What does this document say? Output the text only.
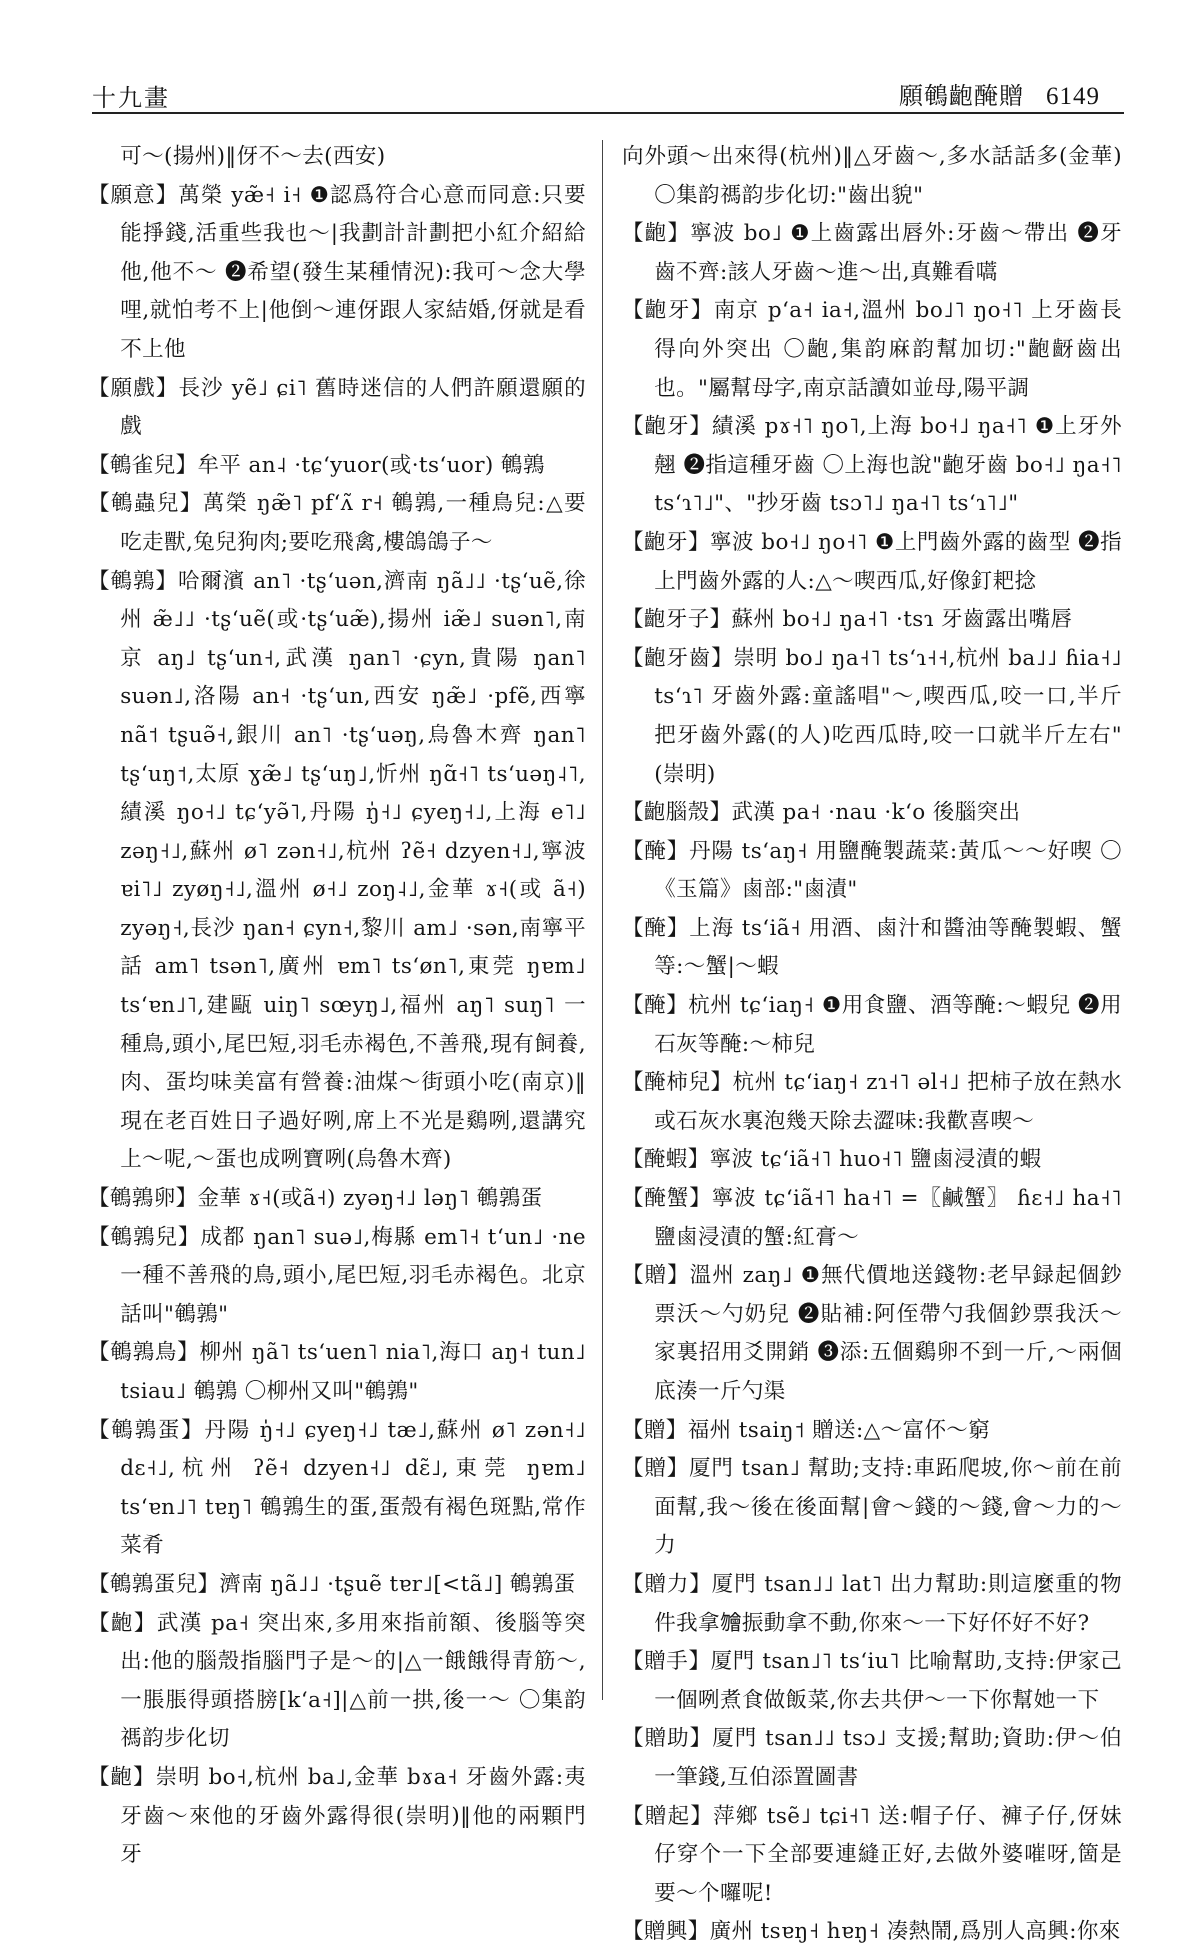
十九畫	願鵪齙醃贈 6149

可～(揚州)‖伢不～去(西安)

【願意】萬榮 yæ̃˧ i˧ ❶認爲符合心意而同意:只要能掙錢,活重些我也～|我劃計計劃把小紅介紹給他,他不～ ❷希望(發生某種情況):我可～念大學哩,就怕考不上|他倒～連伢跟人家結婚,伢就是看不上他

【願戲】長沙 yẽ˩ ɕi˥ 舊時迷信的人們許願還願的戲

【鵪雀兒】牟平 an˨ ·tɕʻyuor(或·tsʻuor) 鵪鶉

【鵪蟲兒】萬榮 ŋæ̃˥ pfʻʌ̃ r˧ 鵪鶉,一種鳥兒:△要吃走獸,兔兒狗肉;要吃飛禽,樓鴿鴿子～

【鵪鶉】哈爾濱 an˥ ·tʂʻuən,濟南 ŋã˩˩ ·tʂʻuẽ,徐州 æ̃˩˩ ·tʂʻuẽ(或·tʂʻuæ̃),揚州 iæ̃˩ suən˥,南京 aŋ˩ tʂʻun˧,武漢 ŋan˥ ·ɕyn,貴陽 ŋan˥ suən˩,洛陽 an˧ ·tʂʻun,西安 ŋæ̃˩ ·pfẽ,西寧 nã˦ tʂuə̃˧,銀川 an˥ ·tʂʻuəŋ,烏魯木齊 ŋan˥ tʂʻuŋ˦,太原 ɣæ̃˩ tʂʻuŋ˩,忻州 ŋɑ̃˧˥ tsʻuəŋ˨˥,績溪 ŋo˧˩ tɕʻyə̃˥,丹陽 ŋ̍˧˩ ɕyeŋ˧˩,上海 e˥˩ zəŋ˧˩,蘇州 ø˥ zən˧˩,杭州 ʔẽ˧ dzyen˧˩,寧波 ɐi˥˩ zyøŋ˧˩,溫州 ø˧˩ zoŋ˨˩,金華 ɤ˧(或 ã˧) zyəŋ˧,長沙 ŋan˧ ɕyn˧,黎川 am˩ ·sən,南寧平話 am˥ tsən˥,廣州 ɐm˥ tsʻøn˥,東莞 ŋɐm˩ tsʻɐn˩˥,建甌 uiŋ˥ sœyŋ˩,福州 aŋ˥ suŋ˥ 一種鳥,頭小,尾巴短,羽毛赤褐色,不善飛,現有飼養,肉、蛋均味美富有營養:油煤～街頭小吃(南京)‖現在老百姓日子過好咧,席上不光是鷄咧,還講究上～呢,～蛋也成咧寶咧(烏魯木齊)

【鵪鶉卵】金華 ɤ˧(或ã˧) zyəŋ˧˩ ləŋ˥ 鵪鶉蛋

【鵪鶉兒】成都 ŋan˥ suə˩,梅縣 em˥˧ tʻun˩ ·ne 一種不善飛的鳥,頭小,尾巴短,羽毛赤褐色。北京話叫"鵪鶉"

【鵪鶉鳥】柳州 ŋã˥ tsʻuen˥ nia˥,海口 aŋ˧ tun˩ tsiau˩ 鵪鶉 〇柳州又叫"鵪鶉"

【鵪鶉蛋】丹陽 ŋ̍˧˩ ɕyeŋ˧˩ tæ˩,蘇州 ø˥ zən˧˩ dɛ˧˩,杭州 ʔẽ˧ dzyen˧˩ dɛ̃˩,東莞 ŋɐm˩ tsʻɐn˩˥ tɐŋ˥ 鵪鶉生的蛋,蛋殼有褐色斑點,常作菜肴

【鵪鶉蛋兒】濟南 ŋã˩˩ ·tʂuẽ tɐr˩[<tã˩] 鵪鶉蛋

【齙】武漢 pa˧ 突出來,多用來指前額、後腦等突出:他的腦殼指腦門子是～的|△一餓餓得青筋～,一脹脹得頭搭膀[kʻa˧]|△前一拱,後一～ 〇集韵禡韵步化切

【齙】崇明 bo˧,杭州 ba˩,金華 bɤa˧ 牙齒外露:夷牙齒～來他的牙齒外露得很(崇明)‖他的兩顆門牙

向外頭～出來得(杭州)‖△牙齒～,多水話話多(金華) 〇集韵禡韵步化切:"齒出貌"

【齙】寧波 bo˩ ❶上齒露出唇外:牙齒～帶出 ❷牙齒不齊:該人牙齒～進～出,真難看嚆

【齙牙】南京 pʻa˧ ia˧,溫州 bo˩˥ ŋo˧˥ 上牙齒長得向外突出 〇齙,集韵麻韵幫加切:"齙齖齒出也。"屬幫母字,南京話讀如並母,陽平調

【齙牙】績溪 pɤ˧˥ ŋo˥,上海 bo˧˩ ŋa˧˥ ❶上牙外翹 ❷指這種牙齒 〇上海也說"齙牙齒 bo˧˩ ŋa˧˥ tsʻɿ˥˩"、"抄牙齒 tsɔ˥˩ ŋa˧˥ tsʻɿ˥˩"

【齙牙】寧波 bo˧˩ ŋo˧˥ ❶上門齒外露的齒型 ❷指上門齒外露的人:△～喫西瓜,好像釘耙捻

【齙牙子】蘇州 bo˧˩ ŋa˧˥ ·tsɿ 牙齒露出嘴唇

【齙牙齒】崇明 bo˩ ŋa˧˥ tsʻɿ˧˧,杭州 ba˩˩ ɦia˧˩ tsʻɿ˥ 牙齒外露:童謠唱"～,喫西瓜,咬一口,半斤把牙齒外露(的人)吃西瓜時,咬一口就半斤左右"(崇明)

【齙腦殼】武漢 pa˧ ·nau ·kʻo 後腦突出

【醃】丹陽 tsʻaŋ˧ 用鹽醃製蔬菜:黃瓜～～好喫 〇《玉篇》鹵部:"鹵漬"

【醃】上海 tsʻiã˧ 用酒、鹵汁和醬油等醃製蝦、蟹等:～蟹|～蝦

【醃】杭州 tɕʻiaŋ˧ ❶用食鹽、酒等醃:～蝦兒 ❷用石灰等醃:～柿兒

【醃柿兒】杭州 tɕʻiaŋ˧ zɿ˧˥ əl˧˩ 把柿子放在熱水或石灰水裏泡幾天除去澀味:我歡喜喫～

【醃蝦】寧波 tɕʻiã˧˥ huo˧˥ 鹽鹵浸漬的蝦

【醃蟹】寧波 tɕʻiã˧˥ ha˧˥ =〖鹹蟹〗 ɦɛ˧˩ ha˧˥ 鹽鹵浸漬的蟹:紅膏～

【贈】溫州 zaŋ˩ ❶無代價地送錢物:老早録起個鈔票沃～勺奶兒 ❷貼補:阿侄帶勺我個鈔票我沃～家裏招用爻開銷 ❸添:五個鷄卵不到一斤,～兩個底湊一斤勺渠

【贈】福州 tsaiŋ˦ 贈送:△～富伓～窮

【贈】厦門 tsan˩ 幫助;支持:車跖爬坡,你～前在前面幫,我～後在後面幫|會～錢的～錢,會～力的～力

【贈力】厦門 tsan˩˩ lat˥ 出力幫助:則這麼重的物件我拿𣍐振動拿不動,你來～一下好伓好不好?

【贈手】厦門 tsan˩˥ tsʻiu˥ 比喻幫助,支持:伊家己一個咧煮食做飯菜,你去共伊～一下你幫她一下

【贈助】厦門 tsan˩˩ tsɔ˩ 支援;幫助;資助:伊～伯一筆錢,互伯添置圖書

【贈起】萍鄉 tsẽ˩ tɕi˧˥ 送:帽子仔、褲子仔,伢妹仔穿个一下全部要連縫正好,去做外婆嗺呀,箇是要～个囉呢!

【贈興】廣州 tsɐŋ˧ hɐŋ˧ 凑熱鬧,爲別人高興:你來
